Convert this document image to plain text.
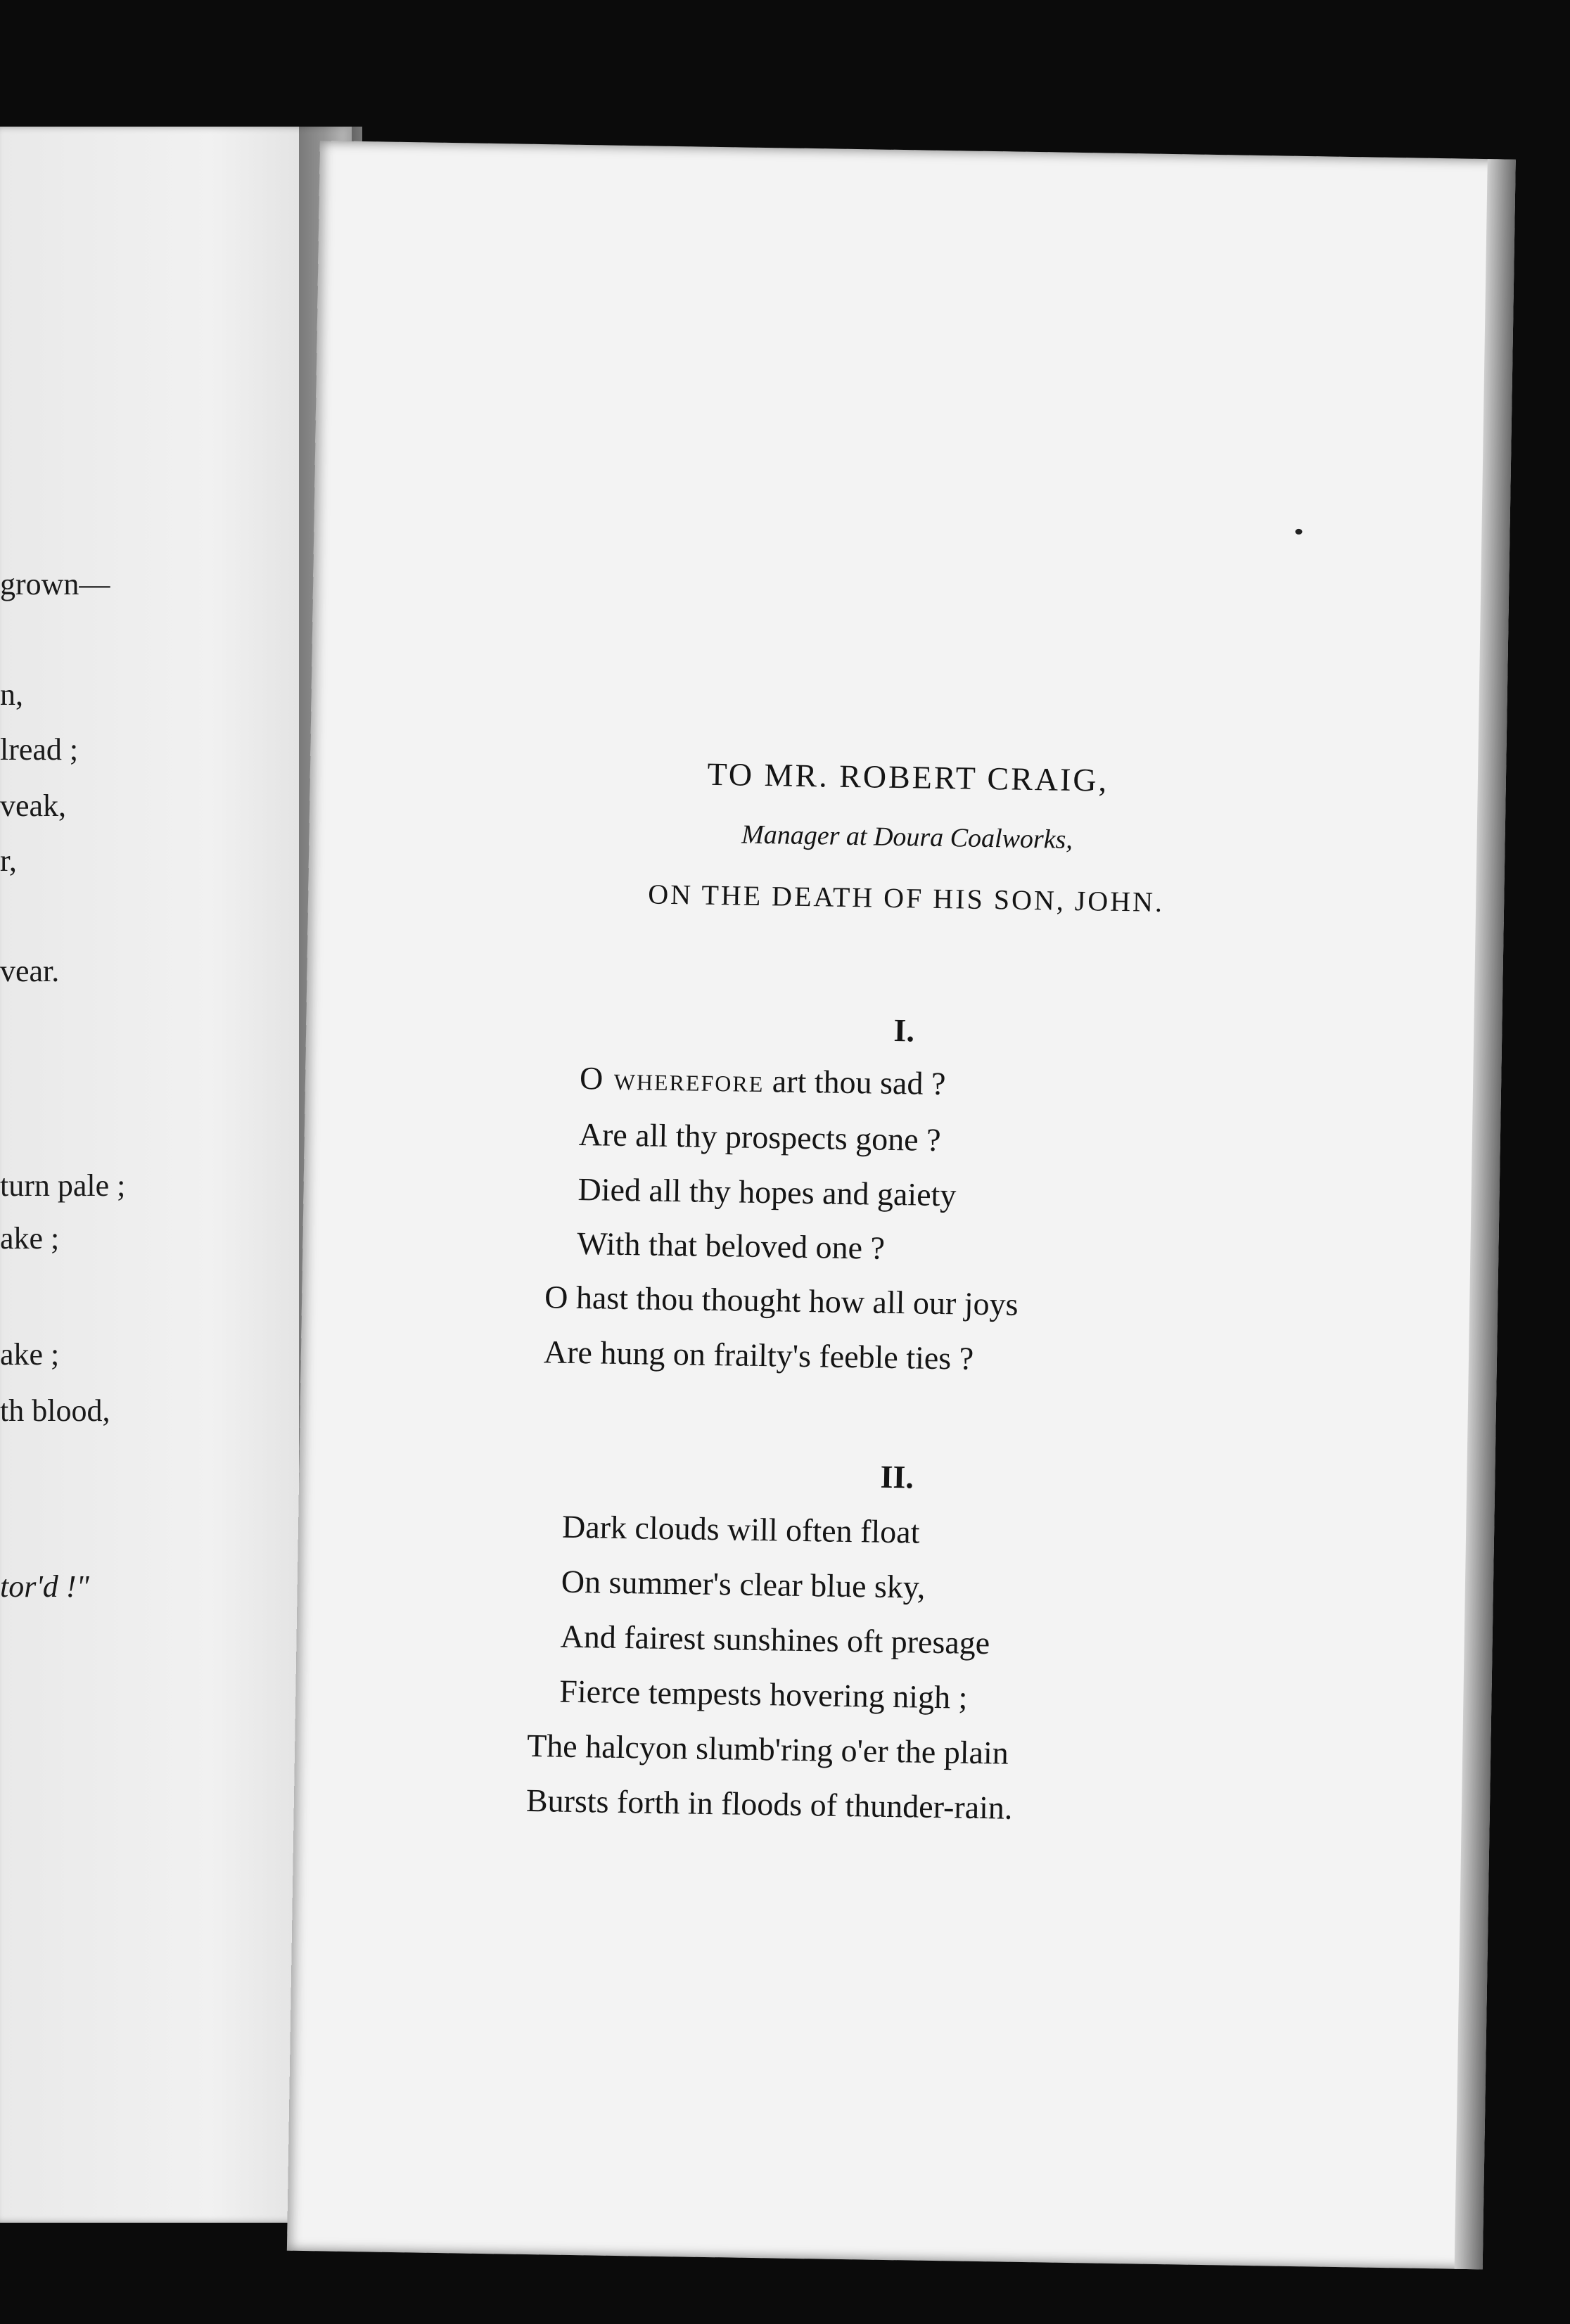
grown—
n,
lread ;
veak,
r,
vear.
turn pale ;
ake ;
ake ;
th blood,
tor'd !"
TO MR. ROBERT CRAIG,
Manager at Doura Coalworks,
ON THE DEATH OF HIS SON, JOHN.
I.
O wherefore art thou sad ?
Are all thy prospects gone ?
Died all thy hopes and gaiety
With that beloved one ?
O hast thou thought how all our joys
Are hung on frailty's feeble ties ?
II.
Dark clouds will often float
On summer's clear blue sky,
And fairest sunshines oft presage
Fierce tempests hovering nigh ;
The halcyon slumb'ring o'er the plain
Bursts forth in floods of thunder-rain.
